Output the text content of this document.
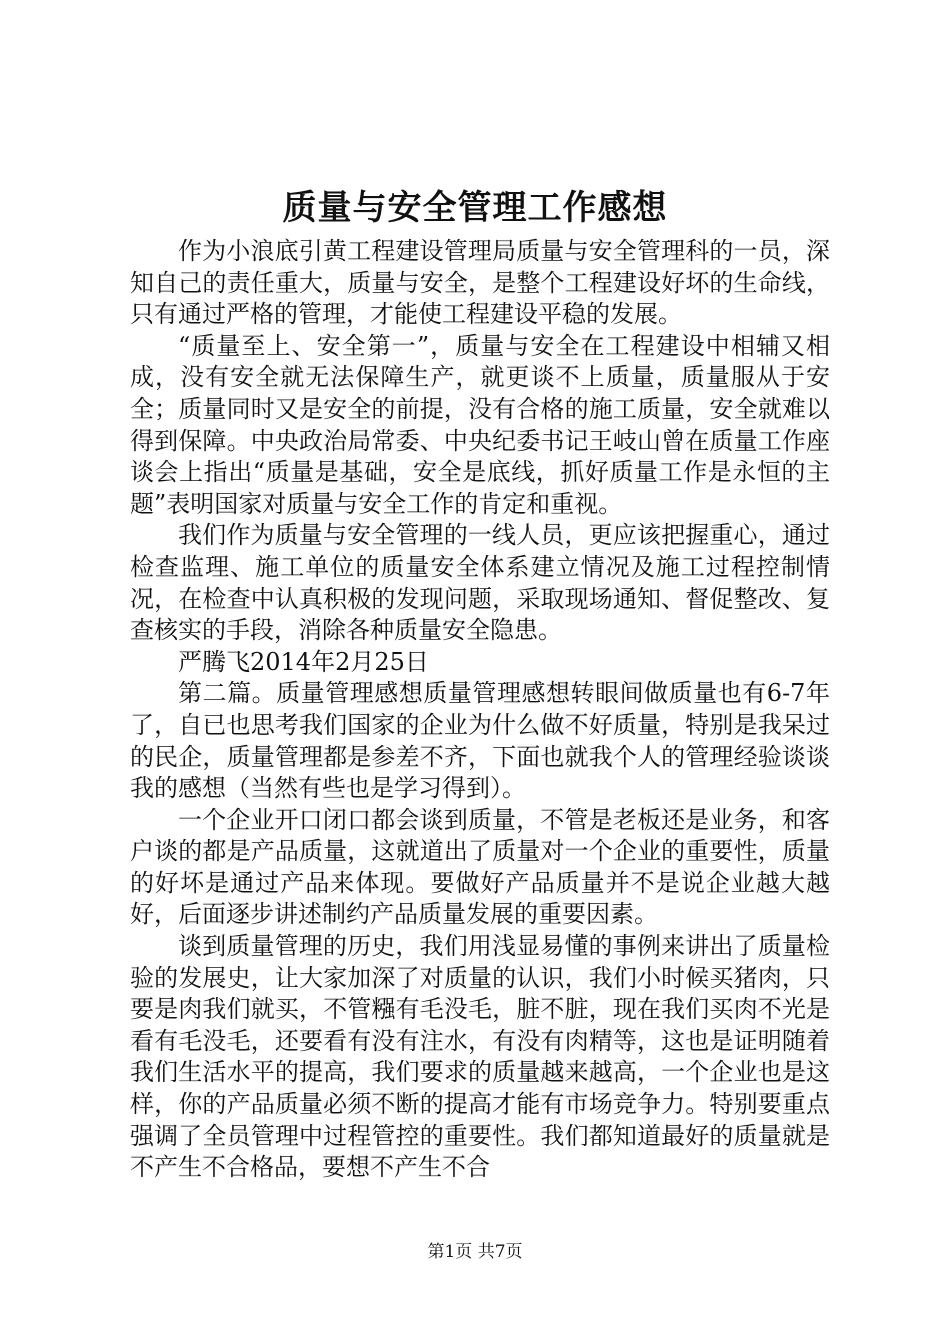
质量与安全管理工作感想

作为小浪底引黄工程建设管理局质量与安全管理科的一员，深知自己的责任重大，质量与安全，是整个工程建设好坏的生命线，只有通过严格的管理，才能使工程建设平稳的发展。

“质量至上、安全第一”，质量与安全在工程建设中相辅又相成，没有安全就无法保障生产，就更谈不上质量，质量服从于安全；质量同时又是安全的前提，没有合格的施工质量，安全就难以得到保障。中央政治局常委、中央纪委书记王岐山曾在质量工作座谈会上指出“质量是基础，安全是底线，抓好质量工作是永恒的主题”表明国家对质量与安全工作的肯定和重视。

我们作为质量与安全管理的一线人员，更应该把握重心，通过检查监理、施工单位的质量安全体系建立情况及施工过程控制情况，在检查中认真积极的发现问题，采取现场通知、督促整改、复查核实的手段，消除各种质量安全隐患。

严腾飞2014年2月25日

第二篇。质量管理感想质量管理感想转眼间做质量也有6-7年了，自已也思考我们国家的企业为什么做不好质量，特别是我呆过的民企，质量管理都是参差不齐，下面也就我个人的管理经验谈谈我的感想（当然有些也是学习得到）。

一个企业开口闭口都会谈到质量，不管是老板还是业务，和客户谈的都是产品质量，这就道出了质量对一个企业的重要性，质量的好坏是通过产品来体现。要做好产品质量并不是说企业越大越好，后面逐步讲述制约产品质量发展的重要因素。

谈到质量管理的历史，我们用浅显易懂的事例来讲出了质量检验的发展史，让大家加深了对质量的认识，我们小时候买猪肉，只要是肉我们就买，不管糨有毛没毛，脏不脏，现在我们买肉不光是看有毛没毛，还要看有没有注水，有没有肉精等，这也是证明随着我们生活水平的提高，我们要求的质量越来越高，一个企业也是这样，你的产品质量必须不断的提高才能有市场竞争力。特别要重点强调了全员管理中过程管控的重要性。我们都知道最好的质量就是不产生不合格品，要想不产生不合

第1页 共7页
